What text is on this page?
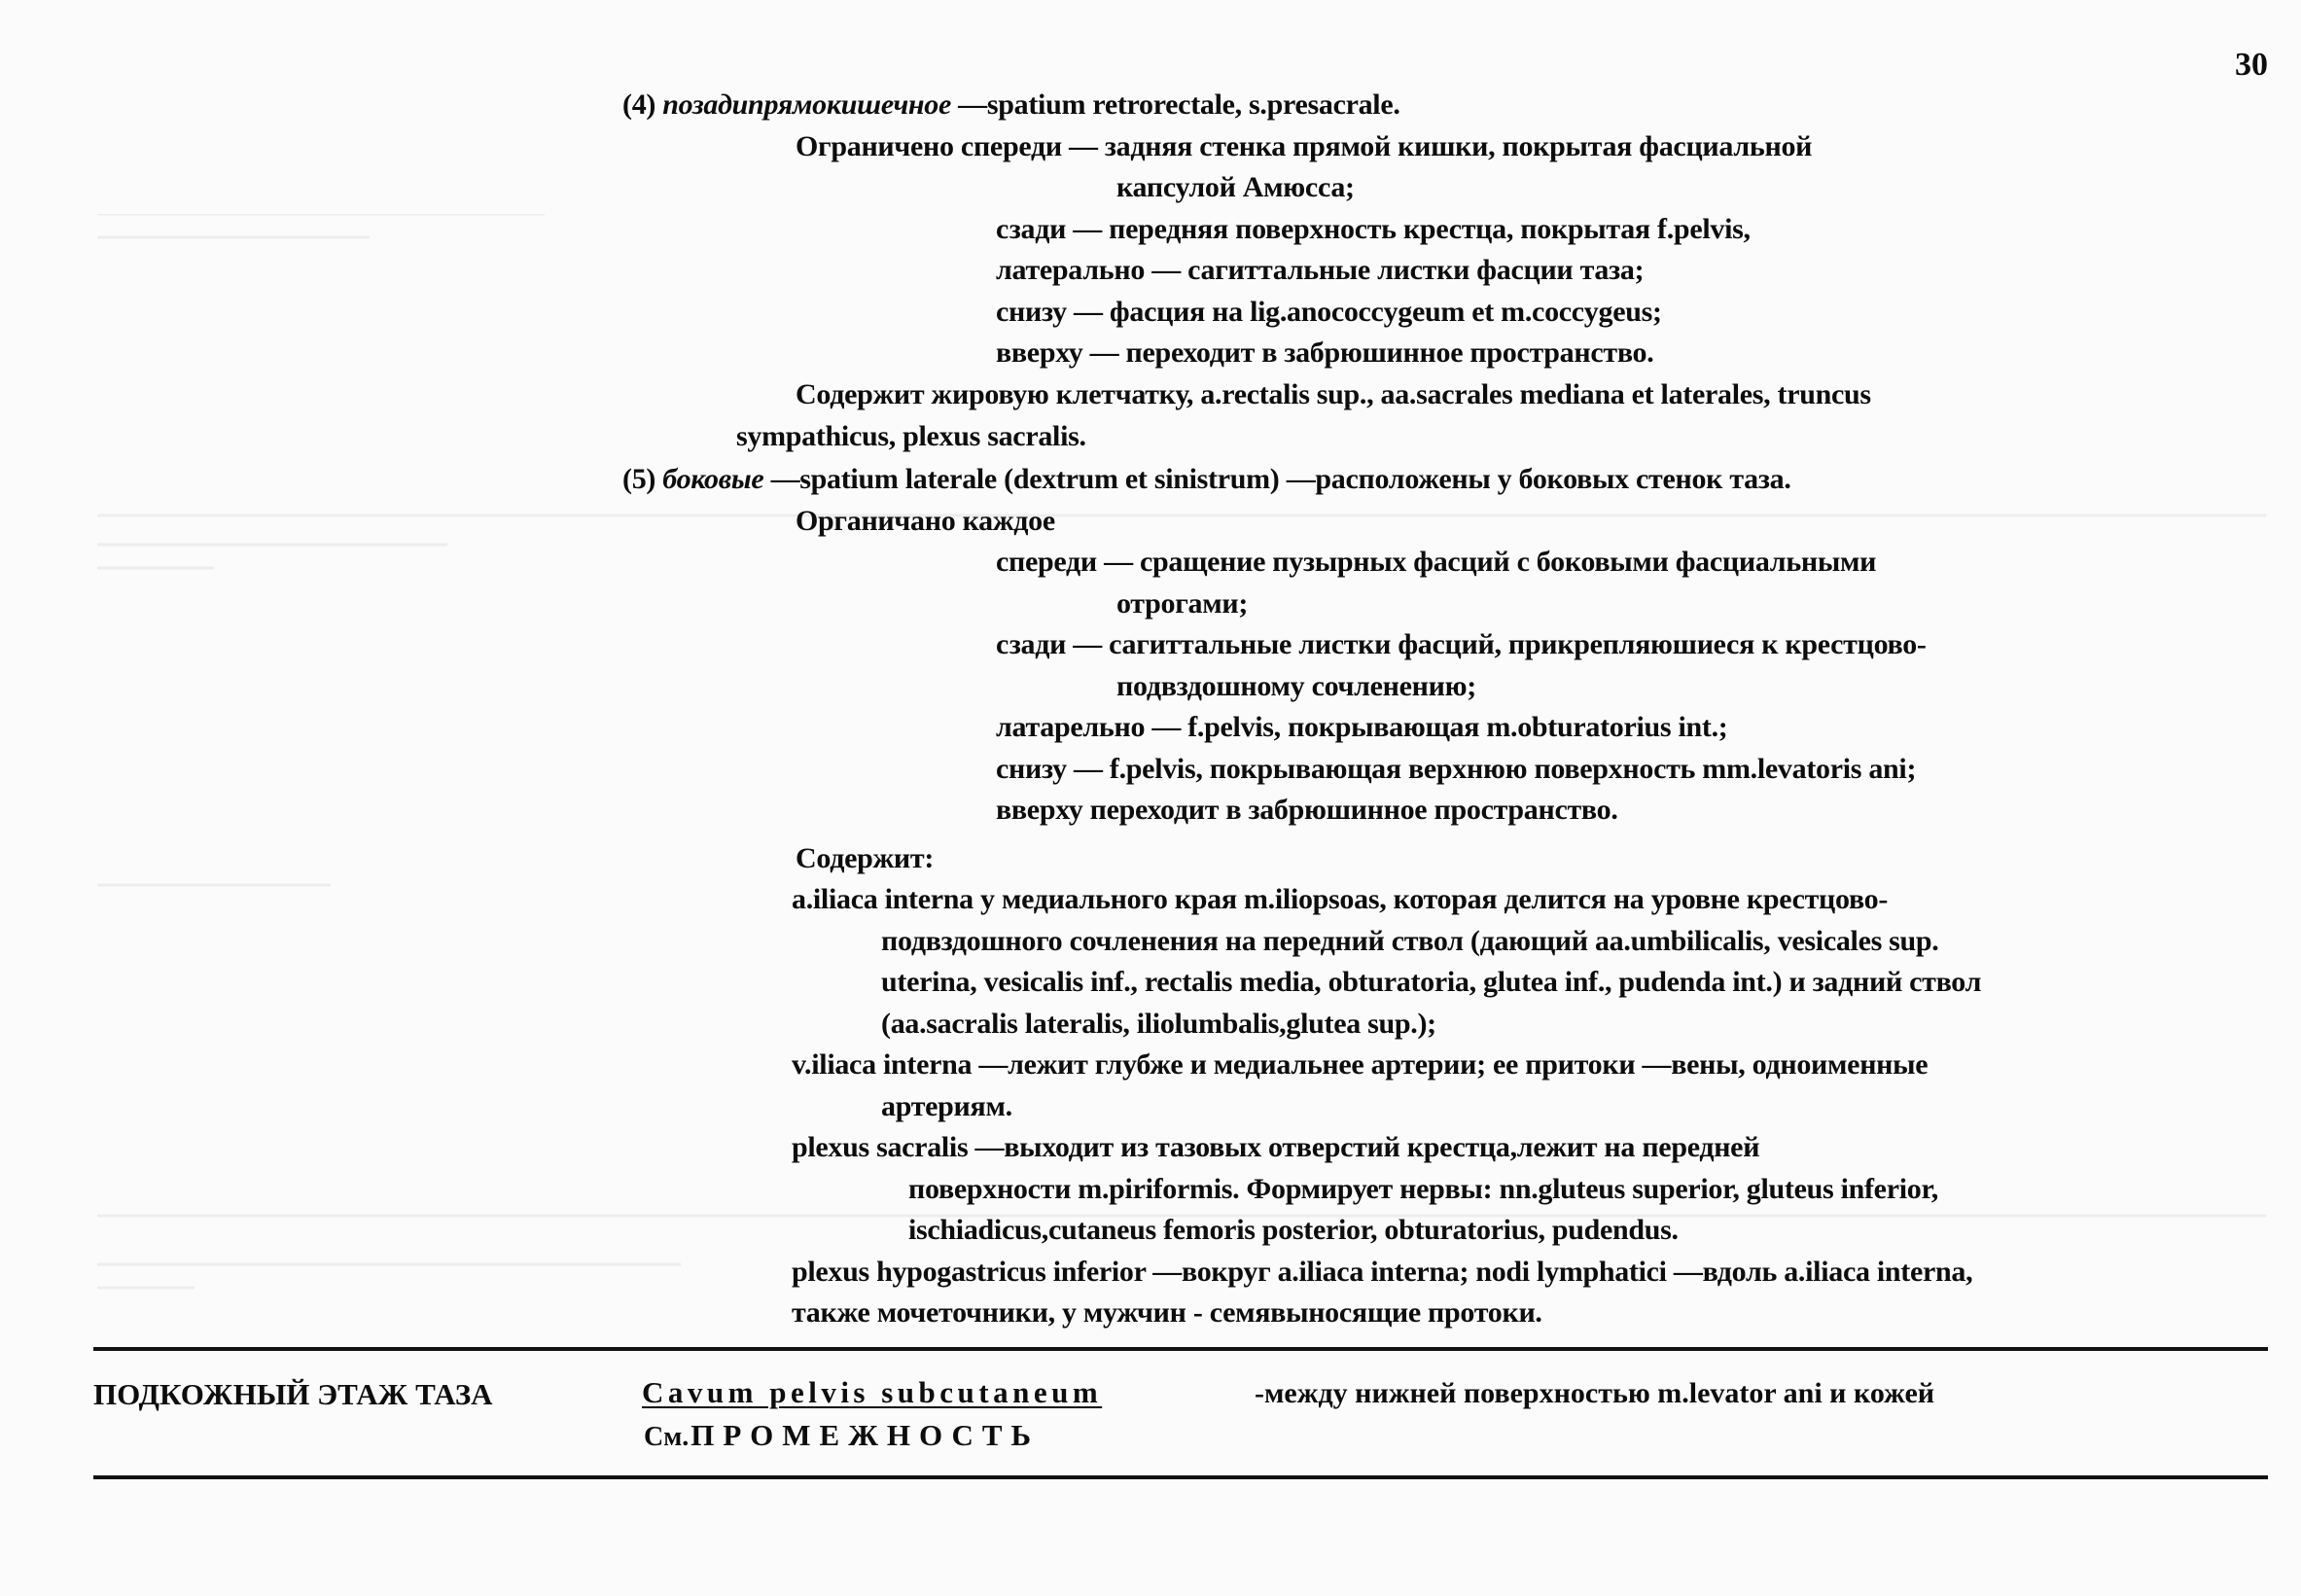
30
(4) позадипрямокишечное —spatium retrorectale, s.presacrale.
Ограничено спереди — задняя стенка прямой кишки, покрытая фасциальной
капсулой Амюсса;
сзади — передняя поверхность крестца, покрытая f.pelvis,
латерально — сагиттальные листки фасции таза;
снизу — фасция на lig.anococcygeum et m.coccygeus;
вверху — переходит в забрюшинное пространство.
Содержит жировую клетчатку, a.rectalis sup., aa.sacrales mediana et laterales, truncus
sympathicus, plexus sacralis.
(5) боковые —spatium laterale (dextrum et sinistrum) —расположены у боковых стенок таза.
Органичано каждое
спереди — сращение пузырных фасций с боковыми фасциальными
отрогами;
сзади — сагиттальные листки фасций, прикрепляюшиеся к крестцово-
подвздошному сочленению;
латарельно — f.pelvis, покрывающая m.obturatorius int.;
снизу — f.pelvis, покрывающая верхнюю поверхность mm.levatoris ani;
вверху переходит в забрюшинное пространство.
Содержит:
a.iliaca interna у медиального края m.iliopsoas, которая делится на уровне крестцово-
подвздошного сочленения на передний ствол (дающий aa.umbilicalis, vesicales sup.
uterina, vesicalis inf., rectalis media, obturatoria, glutea inf., pudenda int.) и задний ствол
(aa.sacralis lateralis, iliolumbalis,glutea sup.);
v.iliaca interna —лежит глубже и медиальнее артерии; ее притоки —вены, одноименные
артериям.
plexus sacralis —выходит из тазовых отверстий крестца,лежит на передней
поверхности m.piriformis. Формирует нервы: nn.gluteus superior, gluteus inferior,
ischiadicus,cutaneus femoris posterior, obturatorius, pudendus.
plexus hypogastricus inferior —вокруг a.iliaca interna; nodi lymphatici —вдоль a.iliaca interna,
также мочеточники, у мужчин - семявыносящие протоки.
ПОДКОЖНЫЙ ЭТАЖ ТАЗА	Cavum pelvis subcutaneum	-между нижней поверхностью m.levator ani и кожей
См.ПРОМЕЖНОСТЬ
